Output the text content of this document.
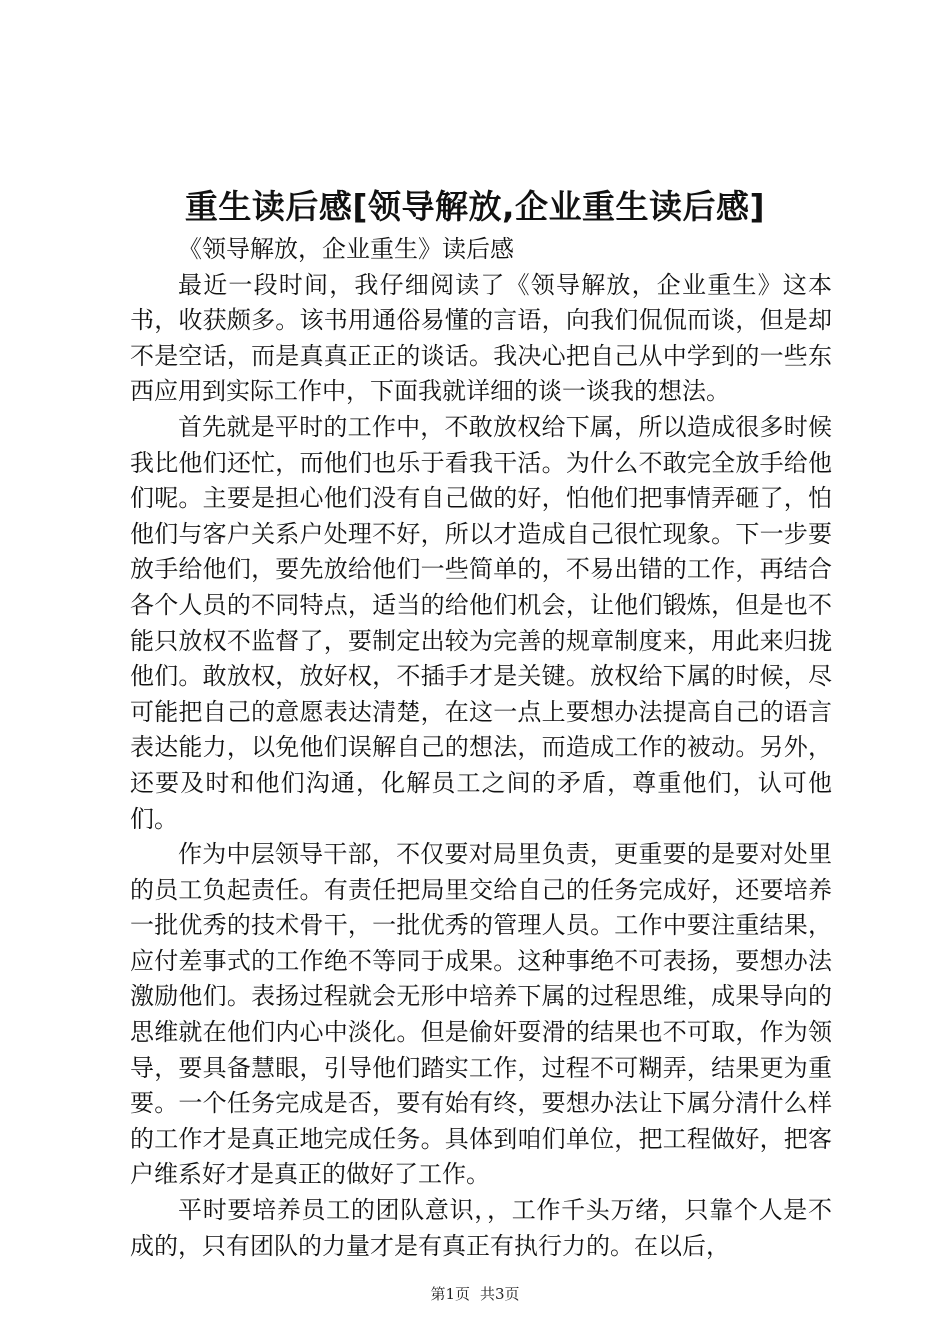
重生读后感[领导解放,企业重生读后感]

《领导解放，企业重生》读后感

最近一段时间，我仔细阅读了《领导解放，企业重生》这本书，收获颇多。该书用通俗易懂的言语，向我们侃侃而谈，但是却不是空话，而是真真正正的谈话。我决心把自己从中学到的一些东西应用到实际工作中，下面我就详细的谈一谈我的想法。

首先就是平时的工作中，不敢放权给下属，所以造成很多时候我比他们还忙，而他们也乐于看我干活。为什么不敢完全放手给他们呢。主要是担心他们没有自己做的好，怕他们把事情弄砸了，怕他们与客户关系户处理不好，所以才造成自己很忙现象。下一步要放手给他们，要先放给他们一些简单的，不易出错的工作，再结合各个人员的不同特点，适当的给他们机会，让他们锻炼，但是也不能只放权不监督了，要制定出较为完善的规章制度来，用此来归拢他们。敢放权，放好权，不插手才是关键。放权给下属的时候，尽可能把自己的意愿表达清楚，在这一点上要想办法提高自己的语言表达能力，以免他们误解自己的想法，而造成工作的被动。另外，还要及时和他们沟通，化解员工之间的矛盾，尊重他们，认可他们。

作为中层领导干部，不仅要对局里负责，更重要的是要对处里的员工负起责任。有责任把局里交给自己的任务完成好，还要培养一批优秀的技术骨干，一批优秀的管理人员。工作中要注重结果，应付差事式的工作绝不等同于成果。这种事绝不可表扬，要想办法激励他们。表扬过程就会无形中培养下属的过程思维，成果导向的思维就在他们内心中淡化。但是偷奸耍滑的结果也不可取，作为领导，要具备慧眼，引导他们踏实工作，过程不可糊弄，结果更为重要。一个任务完成是否，要有始有终，要想办法让下属分清什么样的工作才是真正地完成任务。具体到咱们单位，把工程做好，把客户维系好才是真正的做好了工作。

平时要培养员工的团队意识，，工作千头万绪，只靠个人是不成的，只有团队的力量才是有真正有执行力的。在以后，

第1页 共3页
